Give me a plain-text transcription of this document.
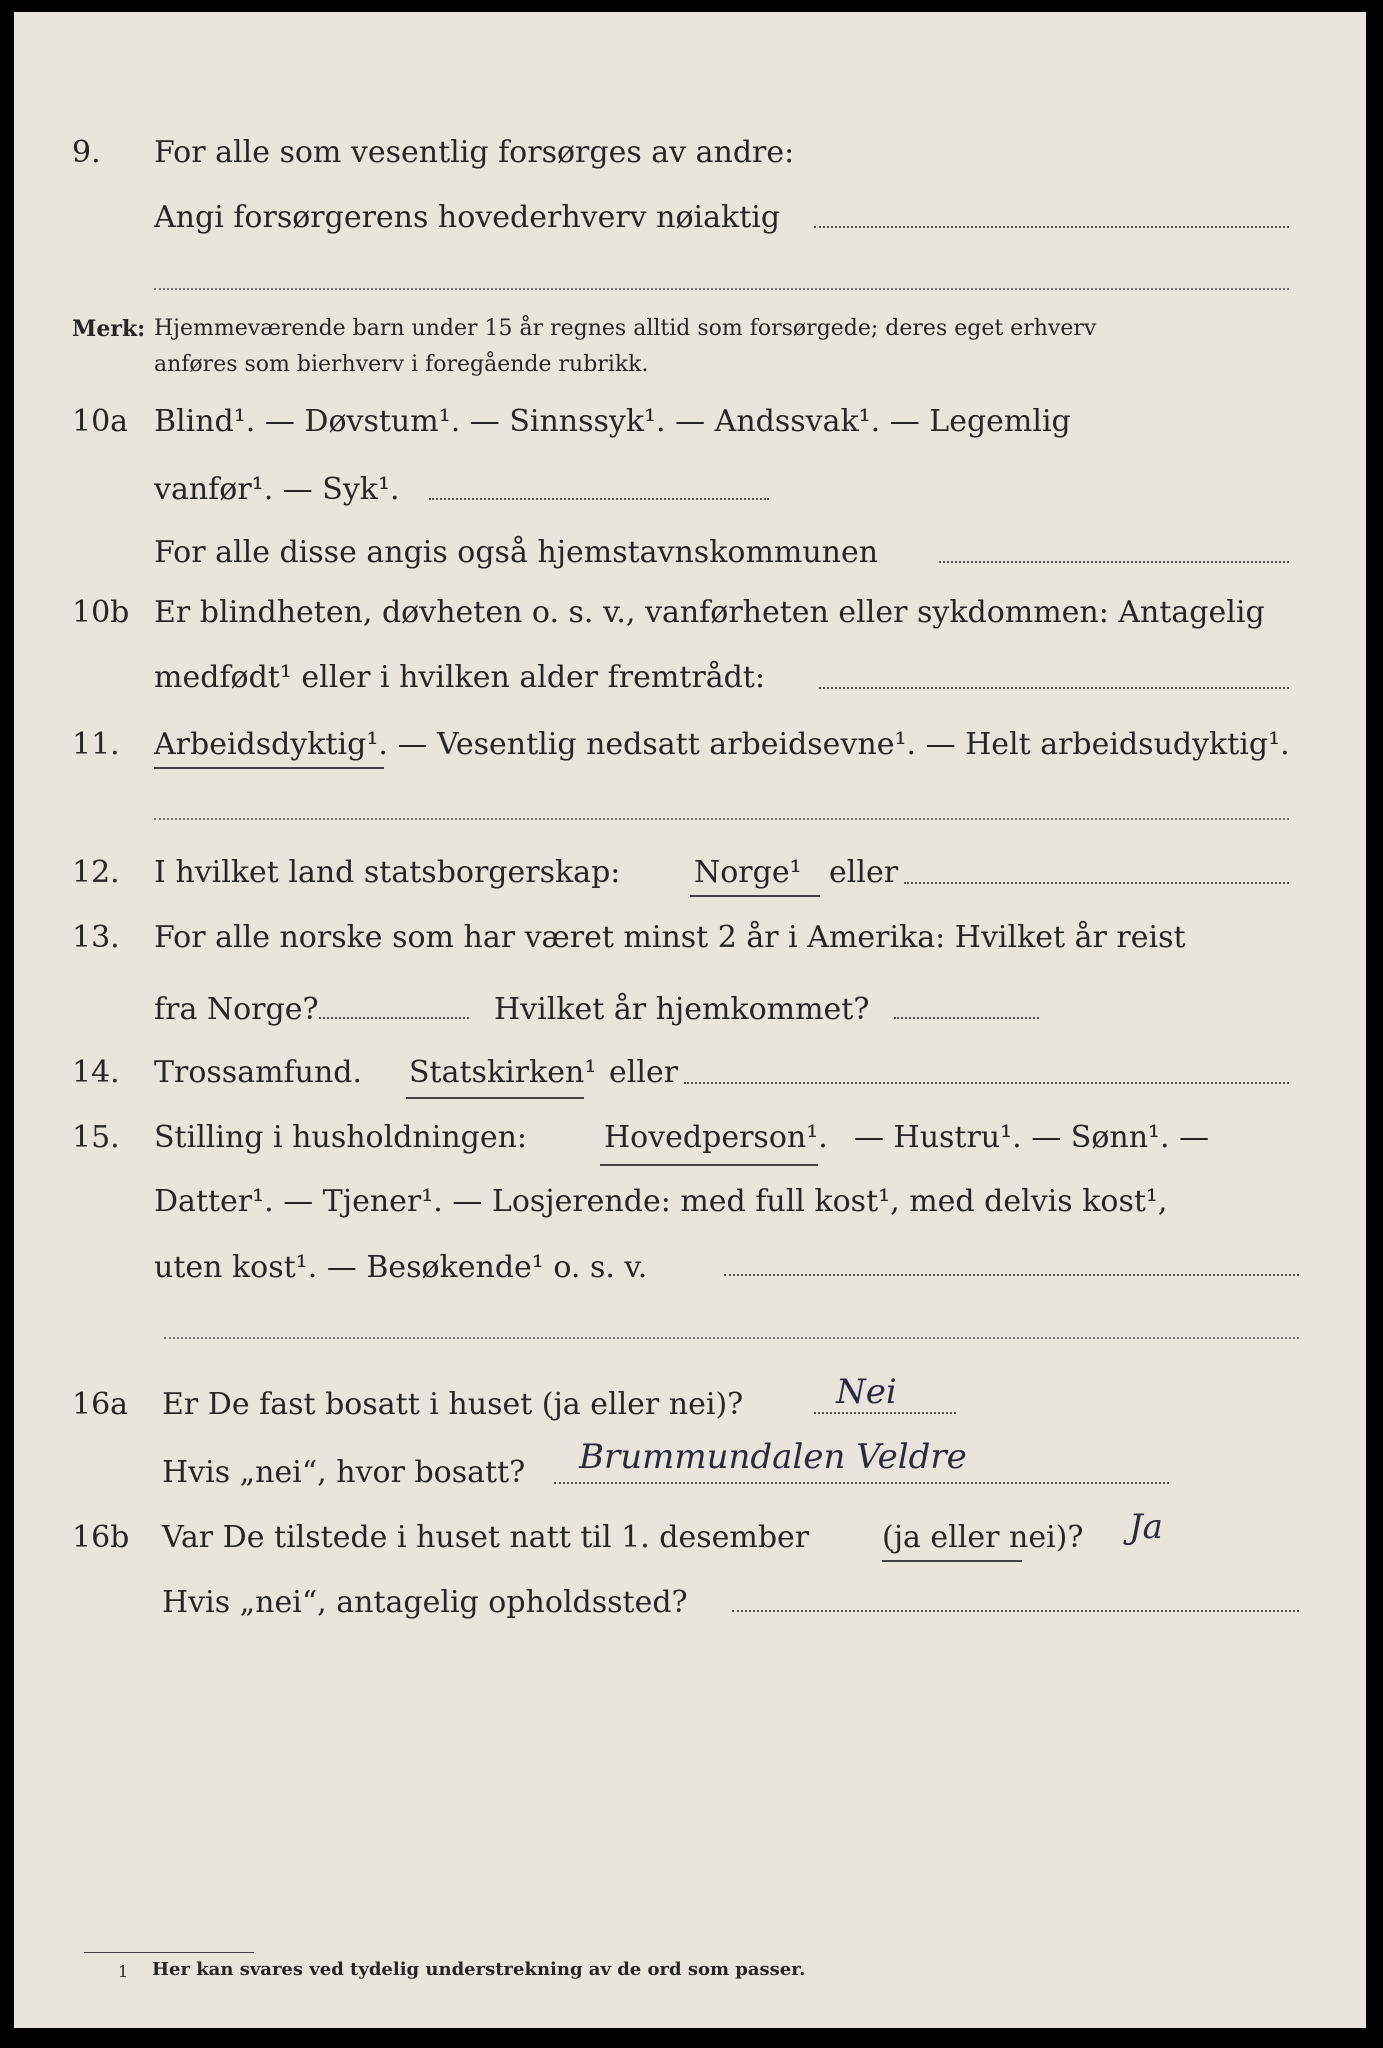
9. For alle som vesentlig forsørges av andre:
Angi forsørgerens hovederhverv nøiaktig
Merk: Hjemmeværende barn under 15 år regnes alltid som forsørgede; deres eget erhverv
anføres som bierhverv i foregående rubrikk.
10a Blind¹. — Døvstum¹. — Sinnssyk¹. — Andssvak¹. — Legemlig
vanfør¹. — Syk¹.
For alle disse angis også hjemstavnskommunen
10b Er blindheten, døvheten o. s. v., vanførheten eller sykdommen: Antagelig
medfødt¹ eller i hvilken alder fremtrådt:
11. Arbeidsdyktig¹. — Vesentlig nedsatt arbeidsevne¹. — Helt arbeidsudyktig¹.
12. I hvilket land statsborgerskap: Norge¹ eller
13. For alle norske som har været minst 2 år i Amerika: Hvilket år reist
fra Norge?	Hvilket år hjemkommet?
14. Trossamfund. Statskirken¹ eller
15. Stilling i husholdningen:	Hovedperson¹. — Hustru¹. — Sønn¹. —
Datter¹. — Tjener¹. — Losjerende: med full kost¹, med delvis kost¹,
uten kost¹. — Besøkende¹ o. s. v.
16a Er De fast bosatt i huset (ja eller nei)?	Nei
Hvis „nei“, hvor bosatt? Brummundalen Veldre
16b Var De tilstede i huset natt til 1. desember (ja eller nei)? Ja
Hvis „nei“, antagelig opholdssted?
1 Her kan svares ved tydelig understrekning av de ord som passer.
